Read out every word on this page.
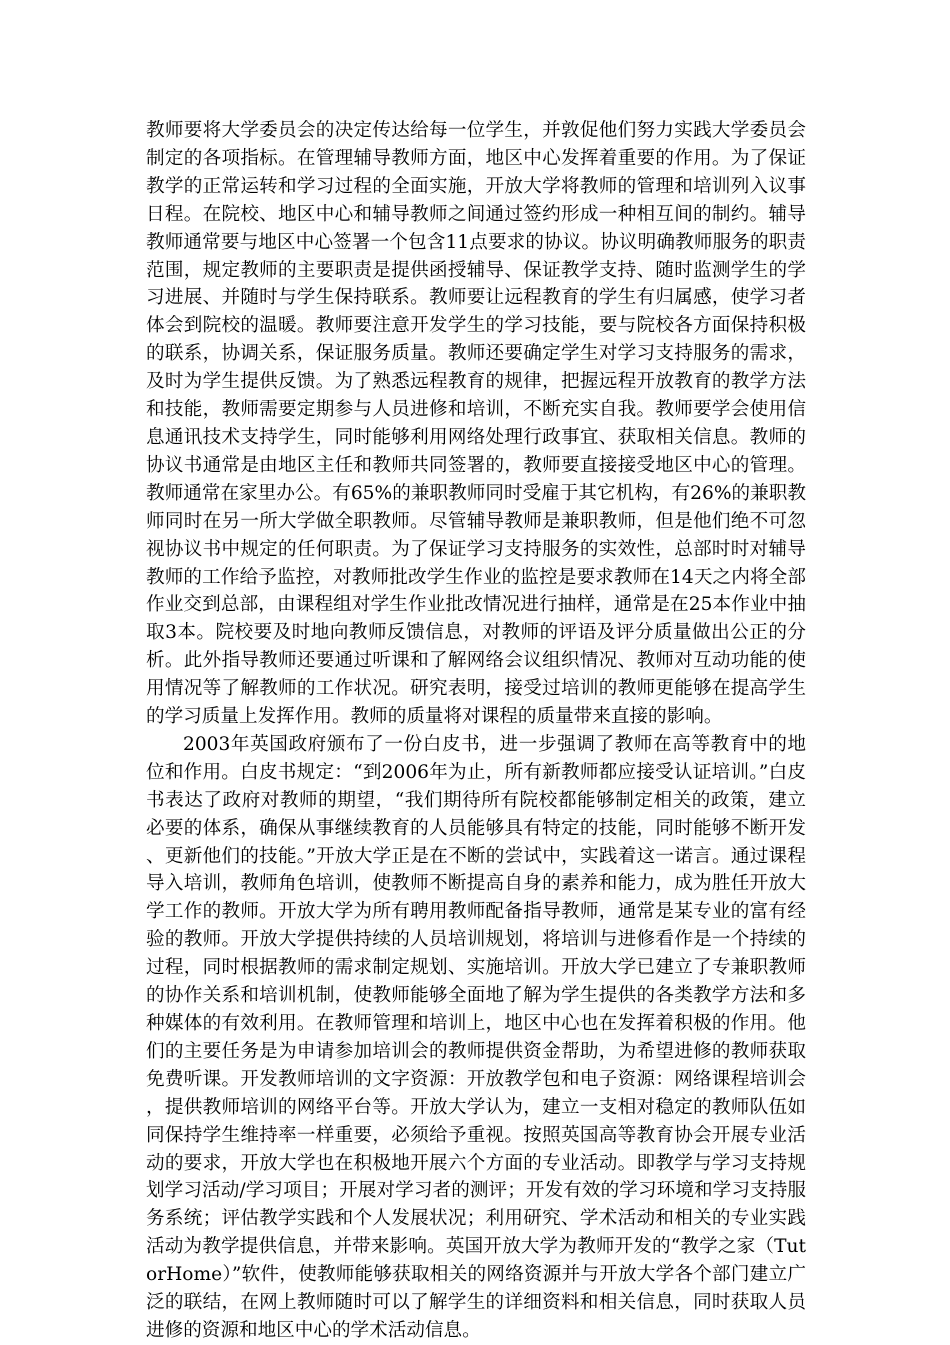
教师要将大学委员会的决定传达给每一位学生，并敦促他们努力实践大学委员会制定的各项指标。在管理辅导教师方面，地区中心发挥着重要的作用。为了保证教学的正常运转和学习过程的全面实施，开放大学将教师的管理和培训列入议事日程。在院校、地区中心和辅导教师之间通过签约形成一种相互间的制约。辅导教师通常要与地区中心签署一个包含11点要求的协议。协议明确教师服务的职责范围，规定教师的主要职责是提供函授辅导、保证教学支持、随时监测学生的学习进展、并随时与学生保持联系。教师要让远程教育的学生有归属感，使学习者体会到院校的温暖。教师要注意开发学生的学习技能，要与院校各方面保持积极的联系，协调关系，保证服务质量。教师还要确定学生对学习支持服务的需求，及时为学生提供反馈。为了熟悉远程教育的规律，把握远程开放教育的教学方法和技能，教师需要定期参与人员进修和培训，不断充实自我。教师要学会使用信息通讯技术支持学生，同时能够利用网络处理行政事宜、获取相关信息。教师的协议书通常是由地区主任和教师共同签署的，教师要直接接受地区中心的管理。教师通常在家里办公。有65%的兼职教师同时受雇于其它机构，有26%的兼职教师同时在另一所大学做全职教师。尽管辅导教师是兼职教师，但是他们绝不可忽视协议书中规定的任何职责。为了保证学习支持服务的实效性，总部时时对辅导教师的工作给予监控，对教师批改学生作业的监控是要求教师在14天之内将全部作业交到总部，由课程组对学生作业批改情况进行抽样，通常是在25本作业中抽取3本。院校要及时地向教师反馈信息，对教师的评语及评分质量做出公正的分析。此外指导教师还要通过听课和了解网络会议组织情况、教师对互动功能的使用情况等了解教师的工作状况。研究表明，接受过培训的教师更能够在提高学生的学习质量上发挥作用。教师的质量将对课程的质量带来直接的影响。

2003年英国政府颁布了一份白皮书，进一步强调了教师在高等教育中的地位和作用。白皮书规定：“到2006年为止，所有新教师都应接受认证培训。”白皮书表达了政府对教师的期望，“我们期待所有院校都能够制定相关的政策，建立必要的体系，确保从事继续教育的人员能够具有特定的技能，同时能够不断开发、更新他们的技能。”开放大学正是在不断的尝试中，实践着这一诺言。通过课程导入培训，教师角色培训，使教师不断提高自身的素养和能力，成为胜任开放大学工作的教师。开放大学为所有聘用教师配备指导教师，通常是某专业的富有经验的教师。开放大学提供持续的人员培训规划，将培训与进修看作是一个持续的过程，同时根据教师的需求制定规划、实施培训。开放大学已建立了专兼职教师的协作关系和培训机制，使教师能够全面地了解为学生提供的各类教学方法和多种媒体的有效利用。在教师管理和培训上，地区中心也在发挥着积极的作用。他们的主要任务是为申请参加培训会的教师提供资金帮助，为希望进修的教师获取免费听课。开发教师培训的文字资源：开放教学包和电子资源：网络课程培训会，提供教师培训的网络平台等。开放大学认为，建立一支相对稳定的教师队伍如同保持学生维持率一样重要，必须给予重视。按照英国高等教育协会开展专业活动的要求，开放大学也在积极地开展六个方面的专业活动。即教学与学习支持规划学习活动/学习项目；开展对学习者的测评；开发有效的学习环境和学习支持服务系统；评估教学实践和个人发展状况；利用研究、学术活动和相关的专业实践活动为教学提供信息，并带来影响。英国开放大学为教师开发的“教学之家（TutorHome）”软件，使教师能够获取相关的网络资源并与开放大学各个部门建立广泛的联结，在网上教师随时可以了解学生的详细资料和相关信息，同时获取人员进修的资源和地区中心的学术活动信息。
